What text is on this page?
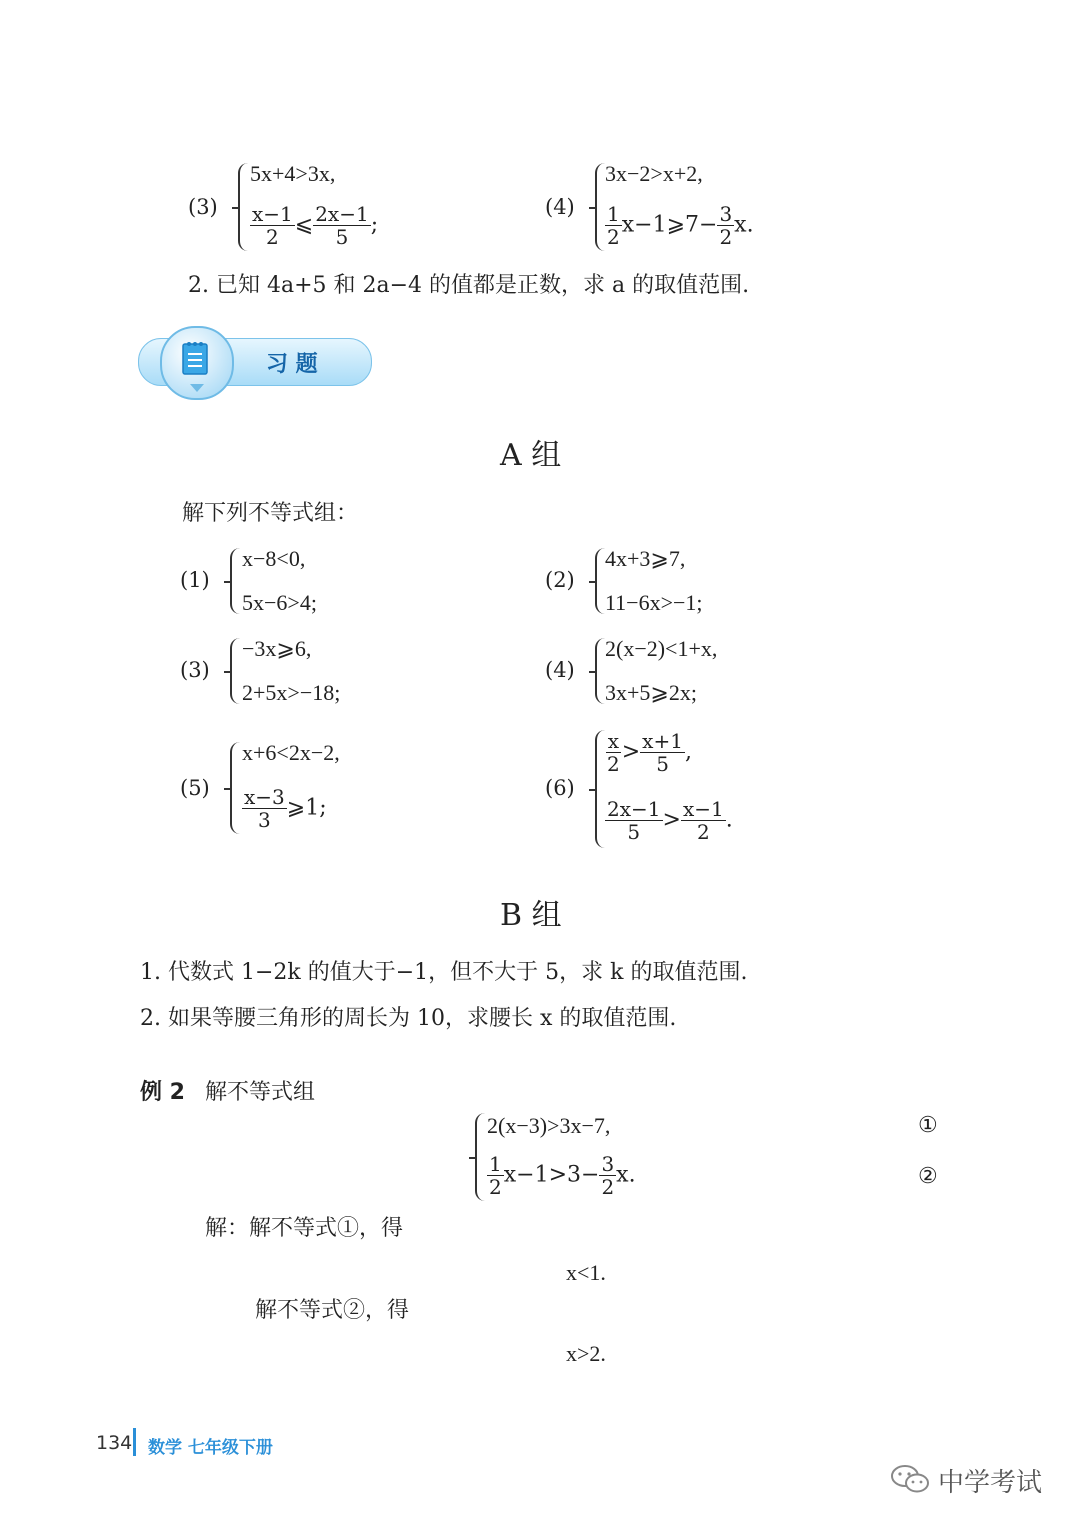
(3)
5x+4>3x,
$\frac{x-1}{2}$ ⩽ $\frac{2x-1}{5}$ ;
(4)
3x−2>x+2,
$\frac{1}{2}$ x−1⩾7− $\frac{3}{2} x$.
2. 已知 4a+5 和 2a−4 的值都是正数，求 a 的取值范围.
习 题
A 组
解下列不等式组：
(1)
x−8<0,
5x−6>4;
(2)
4x+3⩾7,
11−6x>−1;
(3)
−3x⩾6,
2+5x>−18;
(4)
2(x−2)<1+x,
3x+5⩾2x;
(5)
x+6<2x−2,
$\frac{x-3}{3}$ ⩾1;
(6)
$\frac{x}{2} > \frac{x+1}{5}$ ,
$\frac{2x-1}{5} > \frac{x-1}{2}$ .
B 组
1. 代数式 1−2k 的值大于−1，但不大于 5，求 k 的取值范围.
2. 如果等腰三角形的周长为 10，求腰长 x 的取值范围.
例 2 解不等式组
2(x−3)>3x−7,	①
$\frac{1}{2} x-1>3- \frac{3}{2} x$.	②
解：解不等式①，得
x<1.
解不等式②，得
x>2.
134 数学 七年级下册
中学考试
